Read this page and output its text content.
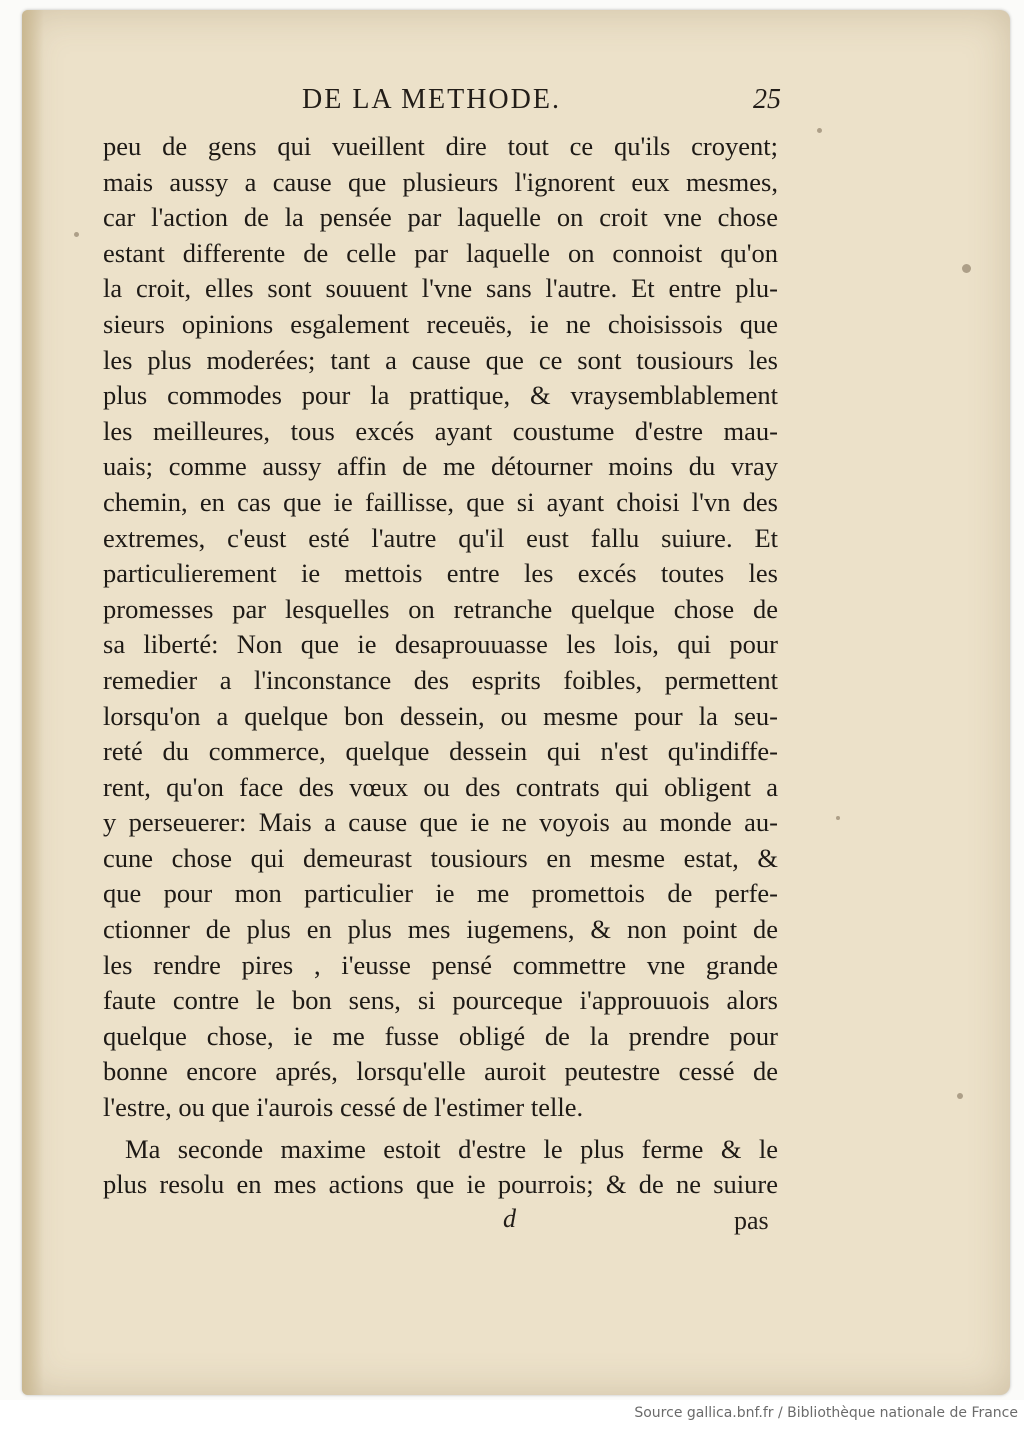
DE LA METHODE.	25
peu de gens qui vueillent dire tout ce qu'ils croyent;
mais aussy a cause que plusieurs l'ignorent eux mesmes,
car l'action de la pensée par laquelle on croit vne chose
estant differente de celle par laquelle on connoist qu'on
la croit, elles sont souuent l'vne sans l'autre. Et entre plu-
sieurs opinions esgalement receuës, ie ne choisissois que
les plus moderées; tant a cause que ce sont tousiours les
plus commodes pour la prattique, & vraysemblablement
les meilleures, tous excés ayant coustume d'estre mau-
uais; comme aussy affin de me détourner moins du vray
chemin, en cas que ie faillisse, que si ayant choisi l'vn des
extremes, c'eust esté l'autre qu'il eust fallu suiure. Et
particulierement ie mettois entre les excés toutes les
promesses par lesquelles on retranche quelque chose de
sa liberté: Non que ie desaprouuasse les lois, qui pour
remedier a l'inconstance des esprits foibles, permettent
lorsqu'on a quelque bon dessein, ou mesme pour la seu-
reté du commerce, quelque dessein qui n'est qu'indiffe-
rent, qu'on face des vœux ou des contrats qui obligent a
y perseuerer: Mais a cause que ie ne voyois au monde au-
cune chose qui demeurast tousiours en mesme estat, &
que pour mon particulier ie me promettois de perfe-
ctionner de plus en plus mes iugemens, & non point de
les rendre pires , i'eusse pensé commettre vne grande
faute contre le bon sens, si pourceque i'approuuois alors
quelque chose, ie me fusse obligé de la prendre pour
bonne encore aprés, lorsqu'elle auroit peutestre cessé de
l'estre, ou que i'aurois cessé de l'estimer telle.
Ma seconde maxime estoit d'estre le plus ferme & le
plus resolu en mes actions que ie pourrois; & de ne suiure
d	pas
Source gallica.bnf.fr / Bibliothèque nationale de France
